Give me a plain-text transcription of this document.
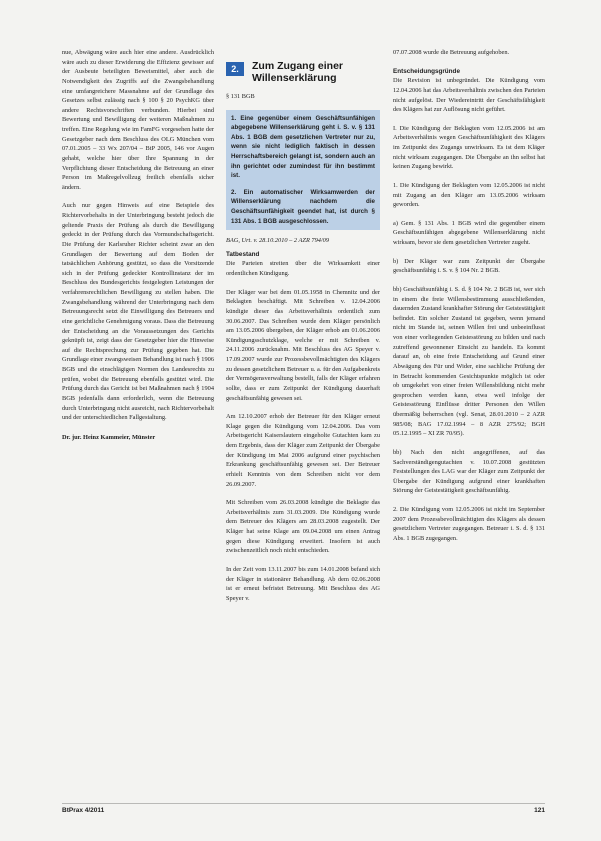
nue, Abwägung wäre auch hier eine andere. Ausdrücklich wäre auch zu dieser Erwiderung die Effizienz gewisser auf der Ausbeute beteiligten Beweismittel, aber auch die Notwendigkeit des Zugriffs auf die Zwangsbehandlung eine umfangreichere Massnahme auf der Grundlage des Gesetzes selbst zulässig nach § 100 § 20 PsychKG über andere Rechtsvorschriften verbunden. Hierbei sind Bewertung und Bewilligung der weiteren Maßnahmen zu treffen. Eine Regelung wie im FamFG vorgesehen hatte der Gesetzgeber nach dem Beschluss des OLG München vom 07.01.2005 – 33 Wx 207/04 – BtP 2005, 146 vor Augen gehabt, welche hier über Ihre Spannung in der Verpflichtung dieser Entscheidung die Betreuung an einer Person im Maßregelvollzug freilich ebenfalls sicher ändern.

Auch nur gegen Hinweis auf eine Beispiele des Richtervorbehalts in der Unterbringung besteht jedoch die geltende Praxis der Prüfung als durch die Bewilligung gedeckt in der Prüfung durch das Vormundschaftsgericht. Die Prüfung der Karlsruher Richter scheint zwar an den Grundlagen der Bewertung auf dem Boden der tatsächlichen Anhörung gestützt, so dass die Vorsitzende sich in der Prüfung gedeckter Kontrollinstanz der im Beschluss des Bundesgerichts festgelegten Leistungen der verfahrensrechtlichen Bewilligung zu stellen haben. Die Zwangsbehandlung während der Unterbringung nach dem Betreuungsrecht setzt die Einwilligung des Betreuers und eine gerichtliche Genehmigung voraus. Dass die Betreuung der Entscheidung an die Voraussetzungen des Gerichts geknüpft ist, zeigt dass der Gesetzgeber hier die Hinweise auf die Rechtsprechung zur Prüfung gegeben hat. Die Grundlage einer zwangsweisen Behandlung ist nach § 1906 BGB und die einschlägigen Normen des Landesrechts zu prüfen, wobei die Betreuung ebenfalls gestützt wird. Die Prüfung durch das Gericht ist bei Maßnahmen nach § 1904 BGB jedenfalls dann erforderlich, wenn die Betreuung durch Unterbringung nicht ausreicht, nach Richtervorbehalt und der unterschiedlichen Fallgestaltung.

Dr. jur. Heinz Kammeier, Münster

2.	Zum Zugang einer Willenserklärung

§ 131 BGB

1. Eine gegenüber einem Geschäftsunfähigen abgegebene Willenserklärung geht i. S. v. § 131 Abs. 1 BGB dem gesetzlichen Vertreter nur zu, wenn sie nicht lediglich faktisch in dessen Herrschaftsbereich gelangt ist, sondern auch an ihn gerichtet oder zumindest für ihn bestimmt ist.

2. Ein automatischer Wirksamwerden der Willenserklärung nachdem die Geschäftsunfähigkeit geendet hat, ist durch § 131 Abs. 1 BGB ausgeschlossen.

BAG, Urt. v. 28.10.2010 – 2 AZR 794/09

Tatbestand

Die Parteien streiten über die Wirksamkeit einer ordentlichen Kündigung.

Der Kläger war bei dem 01.05.1958 in Chemnitz und der Beklagten beschäftigt. Mit Schreiben v. 12.04.2006 kündigte dieser das Arbeitsverhältnis ordentlich zum 30.06.2007. Das Schreiben wurde dem Kläger persönlich am 13.05.2006 übergeben, der Kläger erhob am 01.06.2006 Kündigungsschutzklage, welche er mit Schreiben v. 24.11.2006 zurücknahm. Mit Beschluss des AG Speyer v. 17.09.2007 wurde zur Prozessbevollmächtigten des Klägers zu dessen gesetzlichem Betreuer u. a. für den Aufgabenkreis der Vermögensverwaltung bestellt, falls der Kläger erfahren sollte, dass er zum Zeitpunkt der Kündigung dauerhaft geschäftsunfähig gewesen sei.

Am 12.10.2007 erhob der Betreuer für den Kläger erneut Klage gegen die Kündigung vom 12.04.2006. Das vom Arbeitsgericht Kaiserslautern eingeholte Gutachten kam zu dem Ergebnis, dass der Kläger zum Zeitpunkt der Übergabe der Kündigung im Mai 2006 aufgrund einer psychischen Erkrankung geschäftsunfähig gewesen sei. Der Betreuer erhielt Kenntnis von dem Schreiben nicht vor dem 26.09.2007.

Mit Schreiben vom 26.03.2008 kündigte die Beklagte das Arbeitsverhältnis zum 31.03.2009. Die Kündigung wurde dem Betreuer des Klägers am 28.03.2008 zugestellt. Der Kläger hat seine Klage am 09.04.2008 um einen Antrag gegen diese Kündigung erweitert. Insofern ist auch zwischenzeitlich noch nicht entschieden.

In der Zeit vom 13.11.2007 bis zum 14.01.2008 befand sich der Kläger in stationärer Behandlung. Ab dem 02.06.2008 ist er erneut befristet Betreuung. Mit Beschluss des AG Speyer v.

07.07.2008 wurde die Betreuung aufgehoben.

Entscheidungsgründe

Die Revision ist unbegründet. Die Kündigung vom 12.04.2006 hat das Arbeitsverhältnis zwischen den Parteien nicht aufgelöst. Der Wiedereintritt der Geschäftsfähigkeit des Klägers hat zur Auflösung nicht geführt.

I. Die Kündigung der Beklagten vom 12.05.2006 ist am Arbeitsverhältnis wegen Geschäftsunfähigkeit des Klägers im Zeitpunkt des Zugangs unwirksam. Es ist dem Kläger nicht wirksam zugegangen. Die Übergabe an ihn selbst hat keinen Zugang bewirkt.

1. Die Kündigung der Beklagten vom 12.05.2006 ist nicht mit Zugang an den Kläger am 13.05.2006 wirksam geworden.

a) Gem. § 131 Abs. 1 BGB wird die gegenüber einem Geschäftsunfähigen abgegebene Willenserklärung nicht wirksam, bevor sie dem gesetzlichen Vertreter zugeht.

b) Der Kläger war zum Zeitpunkt der Übergabe geschäftsunfähig i. S. v. § 104 Nr. 2 BGB.

bb) Geschäftsunfähig i. S. d. § 104 Nr. 2 BGB ist, wer sich in einem die freie Willensbestimmung ausschließenden, dauernden Zustand krankhafter Störung der Geistestätigkeit befindet. Ein solcher Zustand ist gegeben, wenn jemand nicht im Stande ist, seinen Willen frei und unbeeinflusst von einer vorliegenden Geistesstörung zu bilden und nach zutreffend gewonnener Einsicht zu handeln. Es kommt darauf an, ob eine freie Entscheidung auf Grund einer Abwägung des Für und Wider, eine sachliche Prüfung der in Betracht kommenden Gesichtspunkte möglich ist oder ob umgekehrt von einer freien Willensbildung nicht mehr gesprochen werden kann, etwa weil infolge der Geistesstörung Einflüsse dritter Personen den Willen übermäßig beherrschen (vgl. Senat, 28.01.2010 – 2 AZR 985/08; BAG 17.02.1994 – 8 AZR 275/92; BGH 05.12.1995 – XI ZR 70/95).

bb) Nach den nicht angegriffenen, auf das Sachverständigengutachten v. 10.07.2008 gestützten Feststellungen des LAG war der Kläger zum Zeitpunkt der Übergabe der Kündigung aufgrund einer krankhaften Störung der Geistestätigkeit geschäftsunfähig.

2. Die Kündigung vom 12.05.2006 ist nicht im September 2007 dem Prozessbevollmächtigten des Klägers als dessen gesetzlichem Vertreter zugegangen. Betreuer i. S. d. § 131 Abs. 1 BGB zugegangen.

BtPrax 4/2011	121
